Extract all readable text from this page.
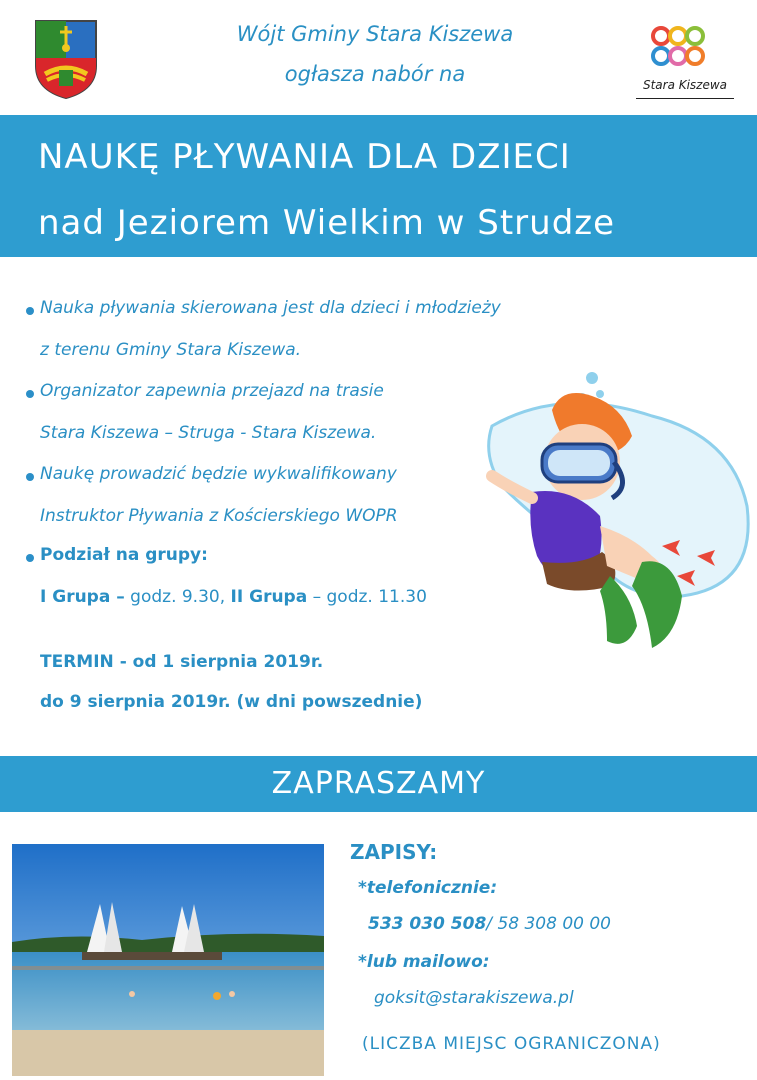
Wójt Gminy Stara Kiszewa
ogłasza nabór na	Stara Kiszewa
NAUKĘ PŁYWANIA DLA DZIECI
nad Jeziorem Wielkim w Strudze
Nauka pływania skierowana jest dla dzieci i młodzieży
z terenu Gminy Stara Kiszewa.
Organizator zapewnia przejazd na trasie
Stara Kiszewa – Struga - Stara Kiszewa.
Naukę prowadzić będzie wykwalifikowany
Instruktor Pływania z Kościerskiego WOPR
Podział na grupy:
I Grupa – godz. 9.30, II Grupa – godz. 11.30
TERMIN - od 1 sierpnia 2019r.
do 9 sierpnia 2019r. (w dni powszednie)
ZAPRASZAMY
ZAPISY:
*telefonicznie:
533 030 508/ 58 308 00 00
*lub mailowo:
goksit@starakiszewa.pl
(LICZBA MIEJSC OGRANICZONA)
